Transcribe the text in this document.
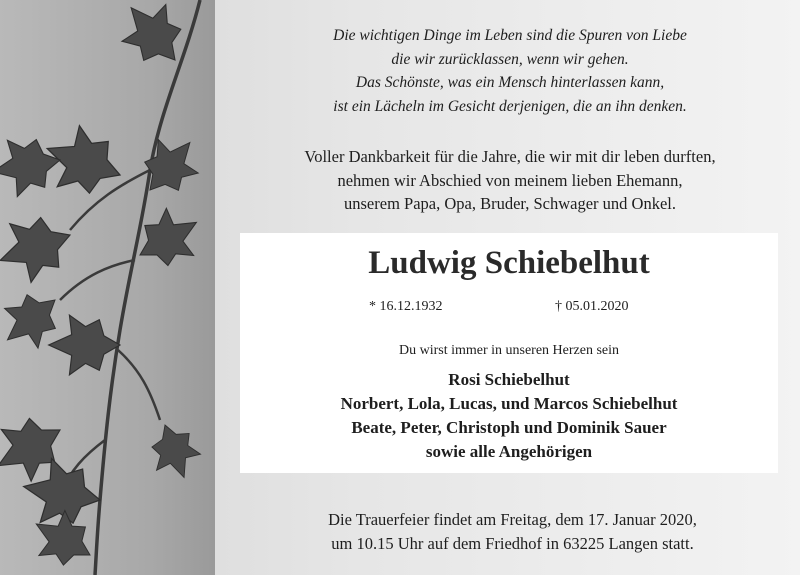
Die wichtigen Dinge im Leben sind die Spuren von Liebe
die wir zurücklassen, wenn wir gehen.
Das Schönste, was ein Mensch hinterlassen kann,
ist ein Lächeln im Gesicht derjenigen, die an ihn denken.
Voller Dankbarkeit für die Jahre, die wir mit dir leben durften,
nehmen wir Abschied von meinem lieben Ehemann,
unserem Papa, Opa, Bruder, Schwager und Onkel.
Ludwig Schiebelhut
* 16.12.1932	† 05.01.2020
Du wirst immer in unseren Herzen sein
Rosi Schiebelhut
Norbert, Lola, Lucas, und Marcos Schiebelhut
Beate, Peter, Christoph und Dominik Sauer
sowie alle Angehörigen
Die Trauerfeier findet am Freitag, dem 17. Januar 2020,
um 10.15 Uhr auf dem Friedhof in 63225 Langen statt.
